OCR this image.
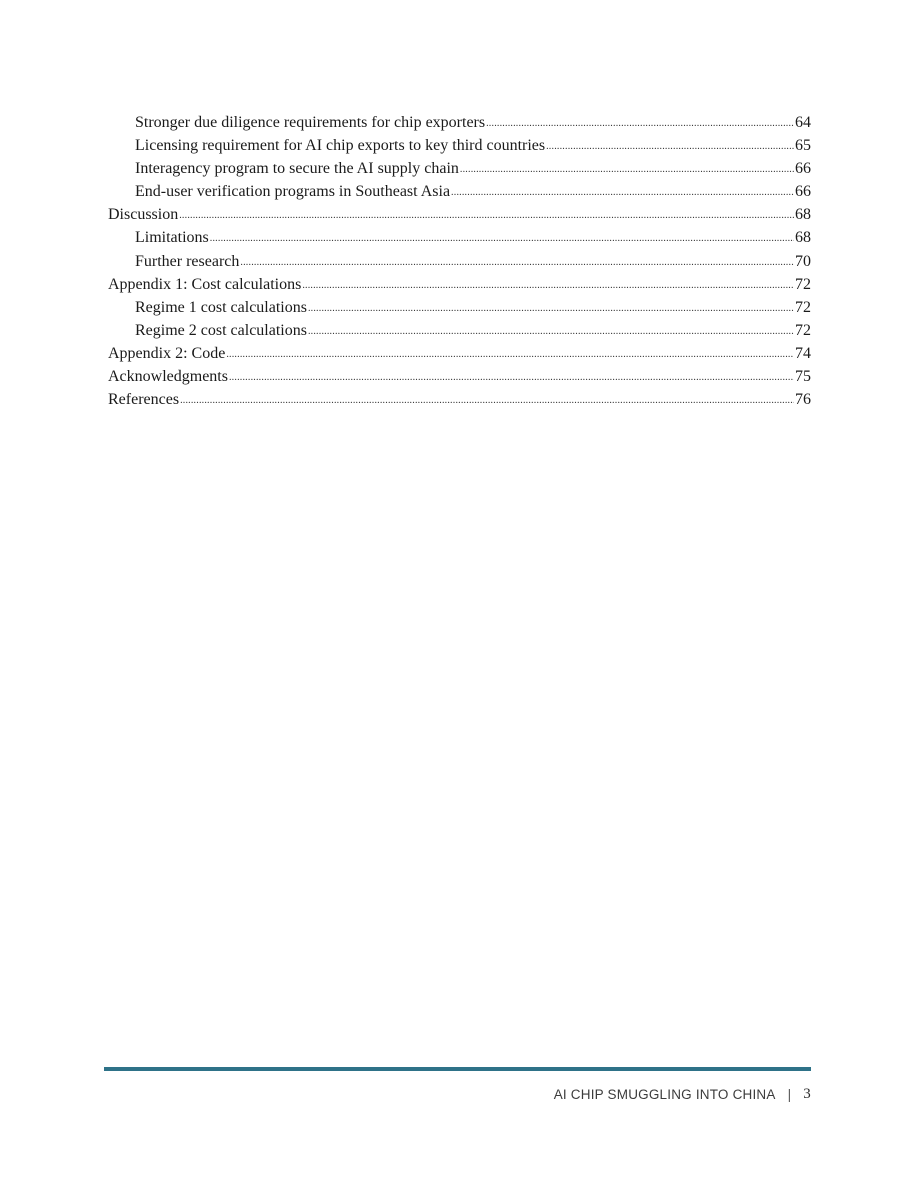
Stronger due diligence requirements for chip exporters .....	64
Licensing requirement for AI chip exports to key third countries .....	65
Interagency program to secure the AI supply chain .....	66
End-user verification programs in Southeast Asia .....	66
Discussion .....	68
Limitations .....	68
Further research .....	70
Appendix 1: Cost calculations .....	72
Regime 1 cost calculations .....	72
Regime 2 cost calculations .....	72
Appendix 2: Code .....	74
Acknowledgments .....	75
References .....	76
AI CHIP SMUGGLING INTO CHINA | 3
